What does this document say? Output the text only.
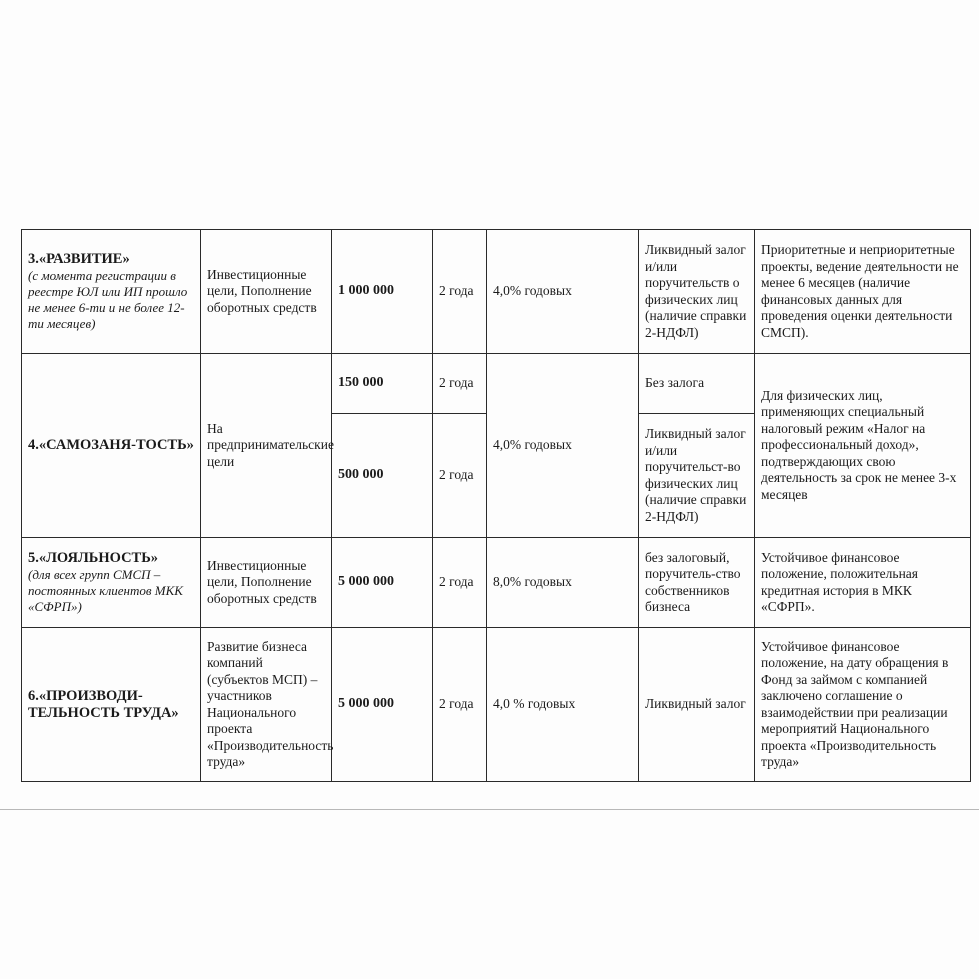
3.«РАЗВИТИЕ»
(с момента регистрации в реестре ЮЛ или ИП прошло не менее 6-ти и не более 12-ти месяцев)	Инвестиционные цели, Пополнение оборотных средств	1 000 000	2 года	4,0% годовых	Ликвидный залог и/или поручительств о физических лиц (наличие справки 2-НДФЛ)	Приоритетные и неприоритетные проекты, ведение деятельности не менее 6 месяцев (наличие финансовых данных для проведения оценки деятельности СМСП).

4.«САМОЗАНЯ-ТОСТЬ»	На предпринимательские цели	150 000	2 года	4,0% годовых	Без залога	Для физических лиц, применяющих специальный налоговый режим «Налог на профессиональный доход», подтверждающих свою деятельность за срок не менее 3-х месяцев
		500 000	2 года		Ликвидный залог и/или поручительст-во физических лиц (наличие справки 2-НДФЛ)	

5.«ЛОЯЛЬНОСТЬ»
(для всех групп СМСП – постоянных клиентов МКК «СФРП»)	Инвестиционные цели, Пополнение оборотных средств	5 000 000	2 года	8,0% годовых	без залоговый, поручитель-ство собственников бизнеса	Устойчивое финансовое положение, положительная кредитная история в МКК «СФРП».

6.«ПРОИЗВОДИ-ТЕЛЬНОСТЬ ТРУДА»	Развитие бизнеса компаний (субъектов МСП) – участников Национального проекта «Производительность труда»	5 000 000	2 года	4,0 % годовых	Ликвидный залог	Устойчивое финансовое положение, на дату обращения в Фонд за займом с компанией заключено соглашение о взаимодействии при реализации мероприятий Национального проекта «Производительность труда»
